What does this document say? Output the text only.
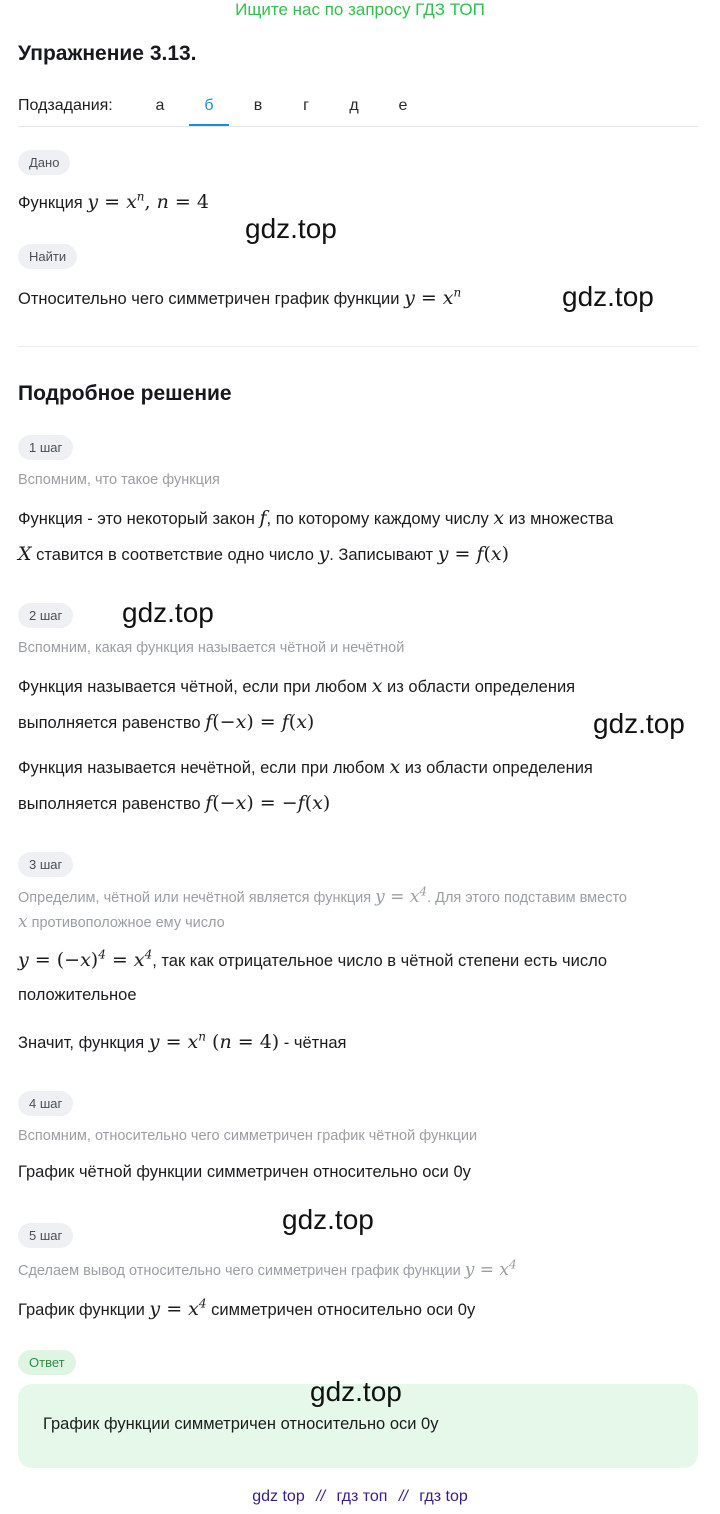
Ищите нас по запросу ГДЗ ТОП
Упражнение 3.13.
Подзадания:	а	б	в	г	д	е
Дано
Функция $y = x^n$, n = 4
Найти
Относительно чего симметричен график функции $y = x^n$
Подробное решение
1 шаг
Вспомним, что такое функция
Функция - это некоторый закон f, по которому каждому числу x из множества
X ставится в соответствие одно число y. Записывают y = f(x)
2 шаг
Вспомним, какая функция называется чётной и нечётной
Функция называется чётной, если при любом x из области определения
выполняется равенство f(−x) = f(x)
Функция называется нечётной, если при любом x из области определения
выполняется равенство f(−x) = −f(x)
3 шаг
Определим, чётной или нечётной является функция $y = x^4$. Для этого подставим вместо
x противоположное ему число
$y = (-x)^4 = x^4$, так как отрицательное число в чётной степени есть число
положительное
Значит, функция $y = x^n$ (n = 4) - чётная
4 шаг
Вспомним, относительно чего симметричен график чётной функции
График чётной функции симметричен относительно оси 0y
5 шаг
Сделаем вывод относительно чего симметричен график функции $y = x^4$
График функции $y = x^4$ симметричен относительно оси 0y
Ответ
График функции симметричен относительно оси 0y
gdz.top
gdz.top
gdz.top
gdz.top
gdz.top
gdz.top
gdz top // гдз топ // гдз top
